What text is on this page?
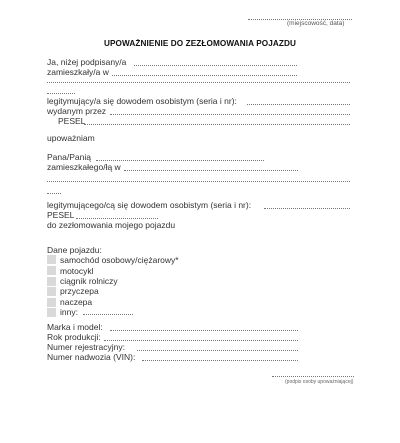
(miejscowość, data)
UPOWAŻNIENIE DO ZEZŁOMOWANIA POJAZDU
Ja, niżej podpisany/a
zamieszkały/a w
legitymujący/a się dowodem osobistym (seria i nr):
wydanym przez
PESEL
upoważniam
Pana/Panią
zamieszkałego/łą w
legitymującego/cą się dowodem osobistym (seria i nr):
PESEL
do zezłomowania mojego pojazdu
Dane pojazdu:
samochód osobowy/ciężarowy*
motocykl
ciągnik rolniczy
przyczepa
naczepa
inny:
Marka i model:
Rok produkcji:
Numer rejestracyjny:
Numer nadwozia (VIN):
(podpis osoby upoważniającej)
